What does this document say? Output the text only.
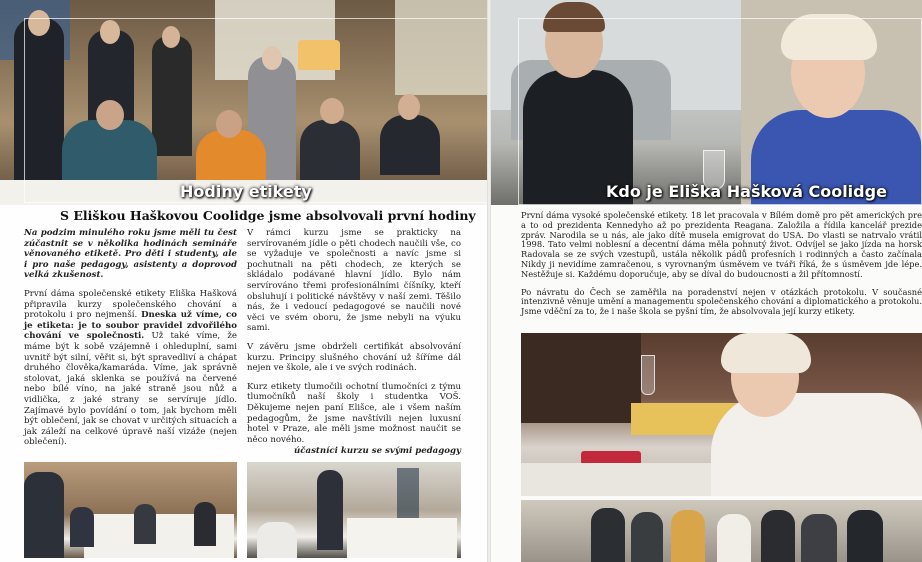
Hodiny etikety
S Eliškou Haškovou Coolidge jsme absolvovali první hodiny

Na podzim minulého roku jsme měli tu čest zúčastnit se v několika hodinách semináře věnovaného etiketě. Pro děti i studenty, ale i pro naše pedagogy, asistenty a doprovod velká zkušenost.

První dáma společenské etikety Eliška Hašková připravila kurzy společenského chování a protokolu i pro nejmenší. Dneska už víme, co je etiketa: je to soubor pravidel zdvořilého chování ve společnosti. Už také víme, že máme být k sobě vzájemně i ohleduplní, sami uvnitř být silní, věřit si, být spravedliví a chápat druhého člověka/kamaráda. Víme, jak správně stolovat, jaká sklenka se používá na červené nebo bílé víno, na jaké straně jsou nůž a vidlička, z jaké strany se servíruje jídlo. Zajímavé bylo povídání o tom, jak bychom měli být oblečení, jak se chovat v určitých situacích a jak záleží na celkové úpravě naší vizáže (nejen oblečení).

V rámci kurzu jsme se prakticky na servírovaném jídle o pěti chodech naučili vše, co se vyžaduje ve společnosti a navíc jsme si pochutnali na pěti chodech, ze kterých se skládalo podávané hlavní jídlo. Bylo nám servírováno třemi profesionálními číšníky, kteří obsluhují i politické návštěvy v naší zemi. Těšilo nás, že i vedoucí pedagogové se naučili nové věci ve svém oboru, že jsme nebyli na výuku sami.

V závěru jsme obdrželi certifikát absolvování kurzu. Principy slušného chování už šíříme dál nejen ve škole, ale i ve svých rodinách.

Kurz etikety tlumočili ochotní tlumočníci z týmu tlumočníků naší školy i studentka VOŠ. Děkujeme nejen paní Elišce, ale i všem naším pedagogům, že jsme navštívili nejen luxusní hotel v Praze, ale měli jsme možnost naučit se něco nového.

účastníci kurzu se svými pedagogy

Kdo je Eliška Hašková Coolidge

První dáma vysoké společenské etikety. 18 let pracovala v Bílém domě pro pět amerických pre a to od prezidenta Kennedyho až po prezidenta Reagana. Založila a řídila kancelář prezide zpráv. Narodila se u nás, ale jako dítě musela emigrovat do USA. Do vlasti se natrvalo vrátil 1998. Tato velmi noblesní a decentní dáma měla pohnutý život. Odvíjel se jako jízda na horsk Radovala se ze svých vzestupů, ustála několik pádů profesních i rodinných a často začínala Nikdy ji nevidíme zamračenou, s vyrovnaným úsměvem ve tváři říká, že s úsměvem jde lépe. Nestěžuje si. Každému doporučuje, aby se díval do budoucnosti a žil přítomností.

Po návratu do Čech se zaměřila na poradenství nejen v otázkách protokolu. V současné intenzivně věnuje umění a managementu společenského chování a diplomatického a protokolu. Jsme vděční za to, že i naše škola se pyšní tím, že absolvovala její kurzy etikety.
